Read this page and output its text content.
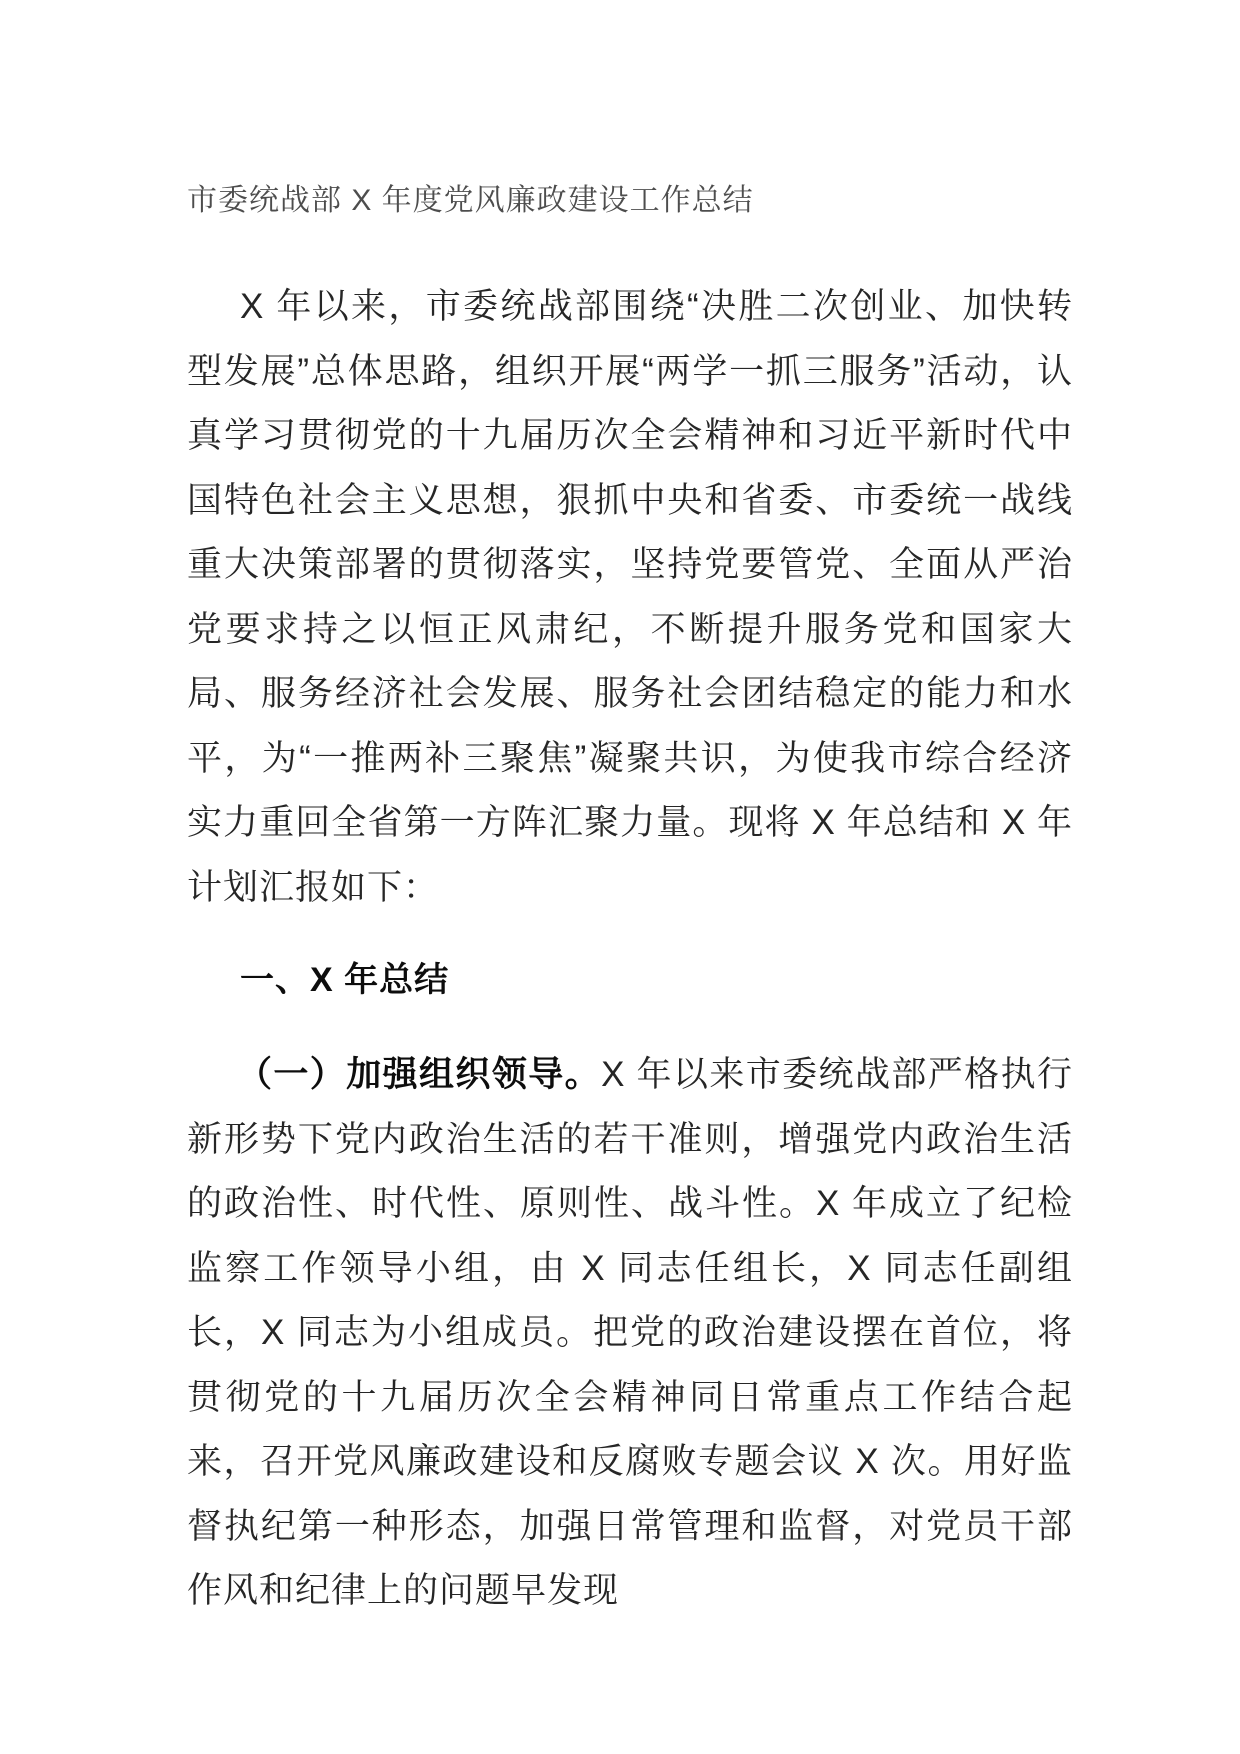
市委统战部 X 年度党风廉政建设工作总结

X 年以来，市委统战部围绕“决胜二次创业、加快转型发展”总体思路，组织开展“两学一抓三服务”活动，认真学习贯彻党的十九届历次全会精神和习近平新时代中国特色社会主义思想，狠抓中央和省委、市委统一战线重大决策部署的贯彻落实，坚持党要管党、全面从严治党要求持之以恒正风肃纪，不断提升服务党和国家大局、服务经济社会发展、服务社会团结稳定的能力和水平，为“一推两补三聚焦”凝聚共识，为使我市综合经济实力重回全省第一方阵汇聚力量。现将 X 年总结和 X 年计划汇报如下：

一、X 年总结

（一）加强组织领导。X 年以来市委统战部严格执行新形势下党内政治生活的若干准则，增强党内政治生活的政治性、时代性、原则性、战斗性。X 年成立了纪检监察工作领导小组，由 X 同志任组长，X 同志任副组长，X 同志为小组成员。把党的政治建设摆在首位，将贯彻党的十九届历次全会精神同日常重点工作结合起来，召开党风廉政建设和反腐败专题会议 X 次。用好监督执纪第一种形态，加强日常管理和监督，对党员干部作风和纪律上的问题早发现
